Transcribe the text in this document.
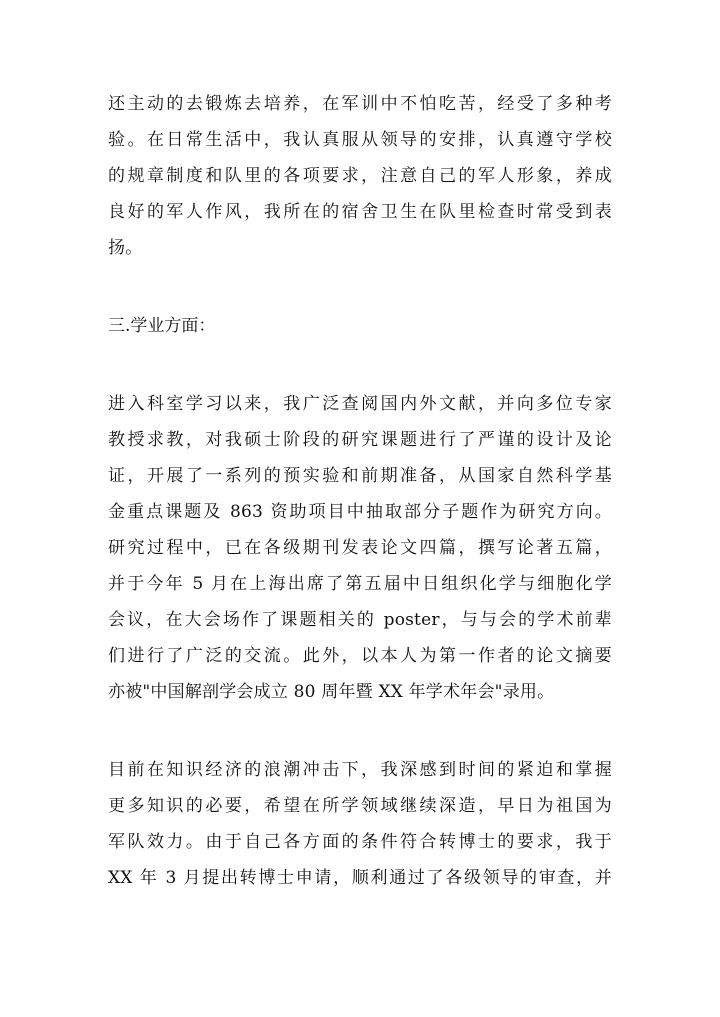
还主动的去锻炼去培养，在军训中不怕吃苦，经受了多种考
验。在日常生活中，我认真服从领导的安排，认真遵守学校
的规章制度和队里的各项要求，注意自己的军人形象，养成
良好的军人作风，我所在的宿舍卫生在队里检查时常受到表
扬。
三.学业方面：
进入科室学习以来，我广泛查阅国内外文献，并向多位专家
教授求教，对我硕士阶段的研究课题进行了严谨的设计及论
证，开展了一系列的预实验和前期准备，从国家自然科学基
金重点课题及 863 资助项目中抽取部分子题作为研究方向。
研究过程中，已在各级期刊发表论文四篇，撰写论著五篇，
并于今年 5 月在上海出席了第五届中日组织化学与细胞化学
会议，在大会场作了课题相关的 poster，与与会的学术前辈
们进行了广泛的交流。此外，以本人为第一作者的论文摘要
亦被"中国解剖学会成立 80 周年暨 XX 年学术年会"录用。
目前在知识经济的浪潮冲击下，我深感到时间的紧迫和掌握
更多知识的必要，希望在所学领域继续深造，早日为祖国为
军队效力。由于自己各方面的条件符合转博士的要求，我于
XX 年 3 月提出转博士申请，顺利通过了各级领导的审查，并
